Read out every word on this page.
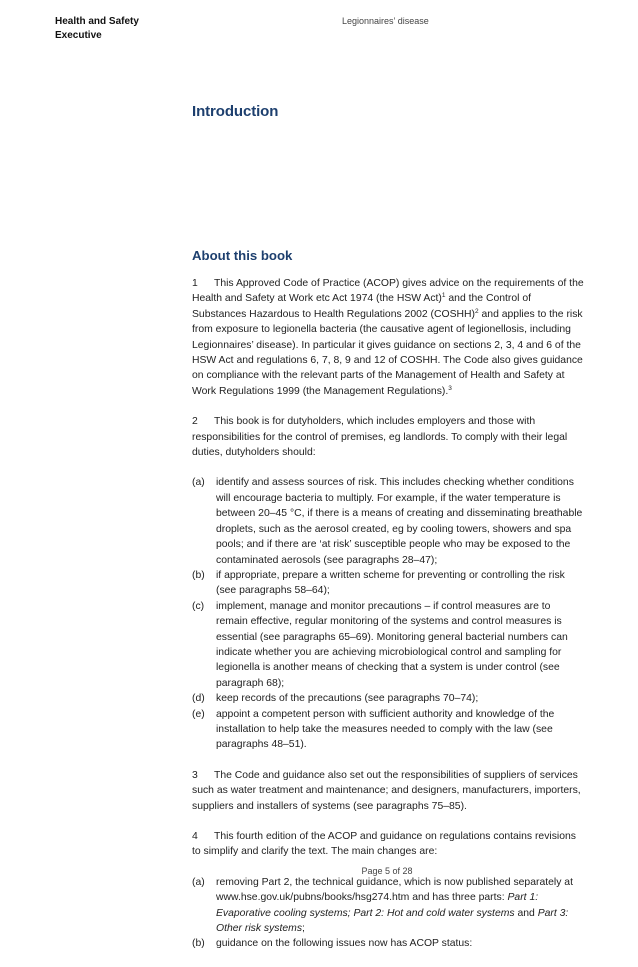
Health and Safety
Executive
Legionnaires’ disease
Introduction
About this book

1 This Approved Code of Practice (ACOP) gives advice on the requirements of the Health and Safety at Work etc Act 1974 (the HSW Act)$^1$ and the Control of Substances Hazardous to Health Regulations 2002 (COSHH)$^2$ and applies to the risk from exposure to legionella bacteria (the causative agent of legionellosis, including Legionnaires’ disease). In particular it gives guidance on sections 2, 3, 4 and 6 of the HSW Act and regulations 6, 7, 8, 9 and 12 of COSHH. The Code also gives guidance on compliance with the relevant parts of the Management of Health and Safety at Work Regulations 1999 (the Management Regulations).$^3$

2 This book is for dutyholders, which includes employers and those with responsibilities for the control of premises, eg landlords. To comply with their legal duties, dutyholders should:

(a)	identify and assess sources of risk. This includes checking whether conditions will encourage bacteria to multiply. For example, if the water temperature is between 20–45 °C, if there is a means of creating and disseminating breathable droplets, such as the aerosol created, eg by cooling towers, showers and spa pools; and if there are ‘at risk’ susceptible people who may be exposed to the contaminated aerosols (see paragraphs 28–47);
(b)	if appropriate, prepare a written scheme for preventing or controlling the risk (see paragraphs 58–64);
(c)	implement, manage and monitor precautions – if control measures are to remain effective, regular monitoring of the systems and control measures is essential (see paragraphs 65–69). Monitoring general bacterial numbers can indicate whether you are achieving microbiological control and sampling for legionella is another means of checking that a system is under control (see paragraph 68);
(d)	keep records of the precautions (see paragraphs 70–74);
(e)	appoint a competent person with sufficient authority and knowledge of the installation to help take the measures needed to comply with the law (see paragraphs 48–51).

3 The Code and guidance also set out the responsibilities of suppliers of services such as water treatment and maintenance; and designers, manufacturers, importers, suppliers and installers of systems (see paragraphs 75–85).

4 This fourth edition of the ACOP and guidance on regulations contains revisions to simplify and clarify the text. The main changes are:

(a)	removing Part 2, the technical guidance, which is now published separately at www.hse.gov.uk/pubns/books/hsg274.htm and has three parts: Part 1: Evaporative cooling systems; Part 2: Hot and cold water systems and Part 3: Other risk systems;
(b)	guidance on the following issues now has ACOP status:
Page 5 of 28
